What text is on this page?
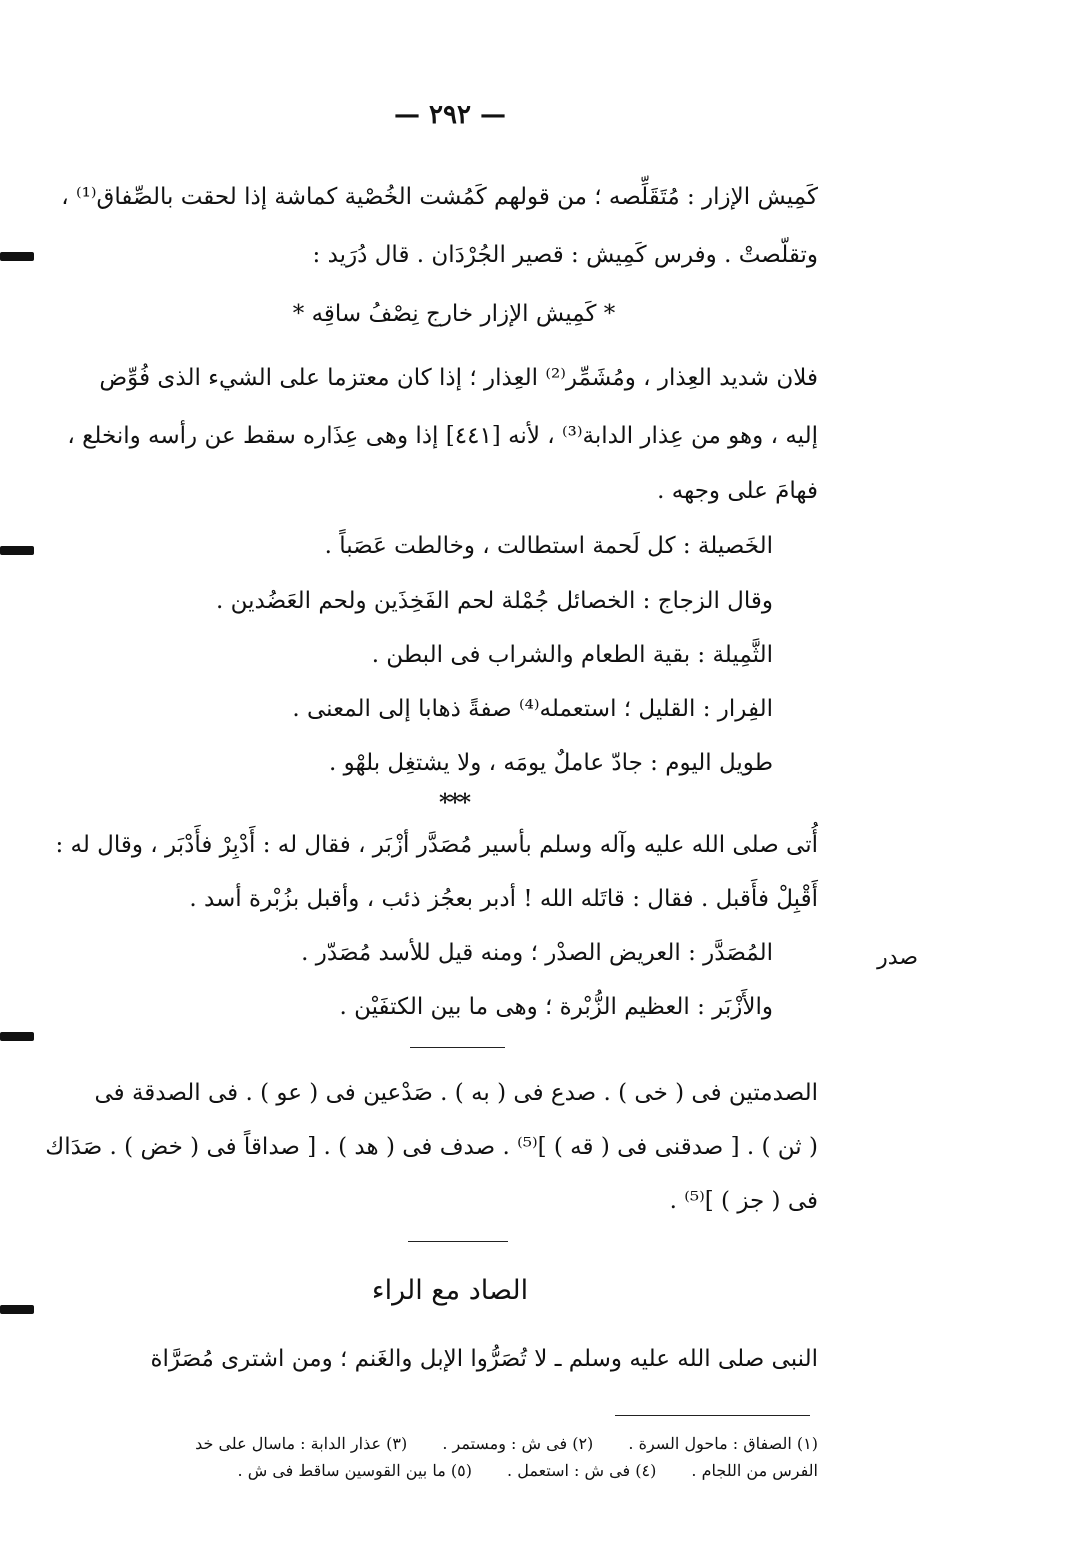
— ٢٩٢ —
كَمِيش الإزار : مُتَقَلِّصه ؛ من قولهم كَمُشت الخُصْية كماشة إذا لحقت بالصِّفاق⁽¹⁾ ،
وتقلّصتْ . وفرس كَمِيش : قصير الجُرْدَان . قال دُرَيد :
* كَمِيش الإزار خارج نِصْفُ ساقِه *
فلان شديد العِذار ، ومُشَمِّر⁽²⁾ العِذار ؛ إذا كان معتزما على الشيء الذى فُوِّض
إليه ، وهو من عِذار الدابة⁽³⁾ ، لأنه [٤٤١] إذا وهى عِذَاره سقط عن رأسه وانخلع ،
فهامَ على وجهه .
الخَصيلة : كل لَحمة استطالت ، وخالطت عَصَباً .
وقال الزجاج : الخصائل جُمْلة لحم الفَخِذَين ولحم العَضُدين .
الثَّمِيلة : بقية الطعام والشراب فى البطن .
الفِرار : القليل ؛ استعمله⁽⁴⁾ صفةً ذهابا إلى المعنى .
طويل اليوم : جادّ عاملٌ يومَه ، ولا يشتغِل بلهْو .
***
أُتى صلى الله عليه وآله وسلم بأسير مُصَدَّر أزْبَر ، فقال له : أَدْبِرْ فأَدْبَر ، وقال له :
أَقْبِلْ فأَقبل . فقال : قاتَله الله ! أدبر بعجُز ذئب ، وأقبل بزُبْرة أسد .
المُصَدَّر : العريض الصدْر ؛ ومنه قيل للأسد مُصَدّر .
والأَزْبَر : العظيم الزُّبْرة ؛ وهى ما بين الكتفَيْن .
الصدمتين فى ( خى ) . صدع فى ( به ) . صَدْعين فى ( عو ) . فى الصدقة فى
( ثن ) . [ صدقنى فى ( قه ) ]⁽⁵⁾ . صدف فى ( هد ) . [ صداقاً فى ( خض ) . صَدَاك
فى ( جز ) ]⁽⁵⁾ .
النبى صلى الله عليه وسلم ـ لا تُصَرُّوا الإبل والغَنم ؛ ومن اشترى مُصَرَّاة
الصاد مع الراء
صدر
(١) الصفاق : ماحول السرة . (٢) فى ش : ومستمر . (٣) عذار الدابة : ماسال على خد
الفرس من اللجام . (٤) فى ش : استعمل . (٥) ما بين القوسين ساقط فى ش .
